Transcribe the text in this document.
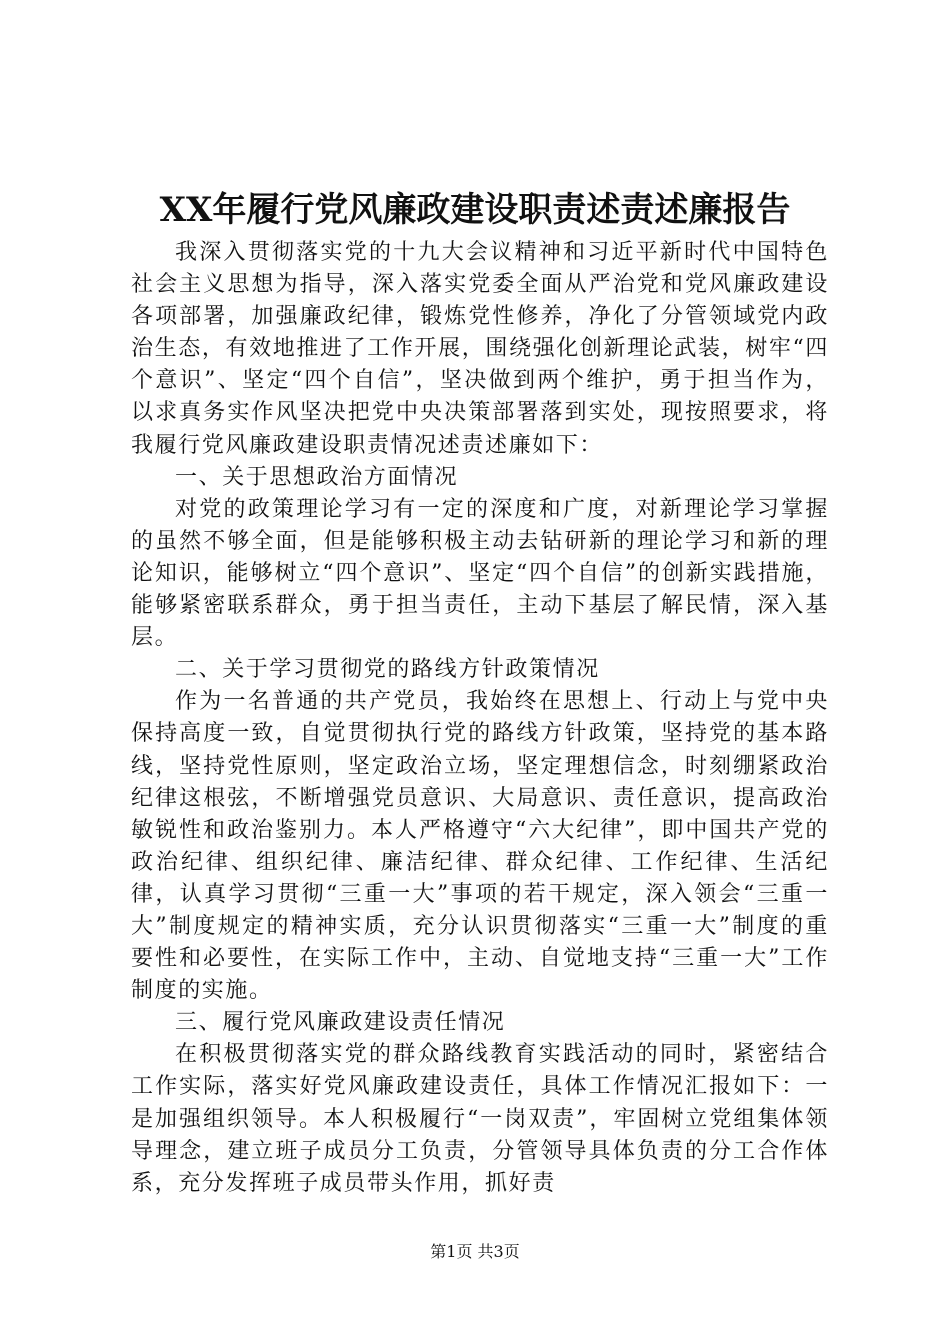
XX年履行党风廉政建设职责述责述廉报告

我深入贯彻落实党的十九大会议精神和习近平新时代中国特色社会主义思想为指导，深入落实党委全面从严治党和党风廉政建设各项部署，加强廉政纪律，锻炼党性修养，净化了分管领域党内政治生态，有效地推进了工作开展，围绕强化创新理论武装，树牢“四个意识”、坚定“四个自信”，坚决做到两个维护，勇于担当作为，以求真务实作风坚决把党中央决策部署落到实处，现按照要求，将我履行党风廉政建设职责情况述责述廉如下：

一、关于思想政治方面情况

对党的政策理论学习有一定的深度和广度，对新理论学习掌握的虽然不够全面，但是能够积极主动去钻研新的理论学习和新的理论知识，能够树立“四个意识”、坚定“四个自信”的创新实践措施，能够紧密联系群众，勇于担当责任，主动下基层了解民情，深入基层。

二、关于学习贯彻党的路线方针政策情况

作为一名普通的共产党员，我始终在思想上、行动上与党中央保持高度一致，自觉贯彻执行党的路线方针政策，坚持党的基本路线，坚持党性原则，坚定政治立场，坚定理想信念，时刻绷紧政治纪律这根弦，不断增强党员意识、大局意识、责任意识，提高政治敏锐性和政治鉴别力。本人严格遵守“六大纪律”，即中国共产党的政治纪律、组织纪律、廉洁纪律、群众纪律、工作纪律、生活纪律，认真学习贯彻“三重一大”事项的若干规定，深入领会“三重一大”制度规定的精神实质，充分认识贯彻落实“三重一大”制度的重要性和必要性，在实际工作中，主动、自觉地支持“三重一大”工作制度的实施。

三、履行党风廉政建设责任情况

在积极贯彻落实党的群众路线教育实践活动的同时，紧密结合工作实际，落实好党风廉政建设责任，具体工作情况汇报如下：一是加强组织领导。本人积极履行“一岗双责”，牢固树立党组集体领导理念，建立班子成员分工负责，分管领导具体负责的分工合作体系，充分发挥班子成员带头作用，抓好责

第1页 共3页
